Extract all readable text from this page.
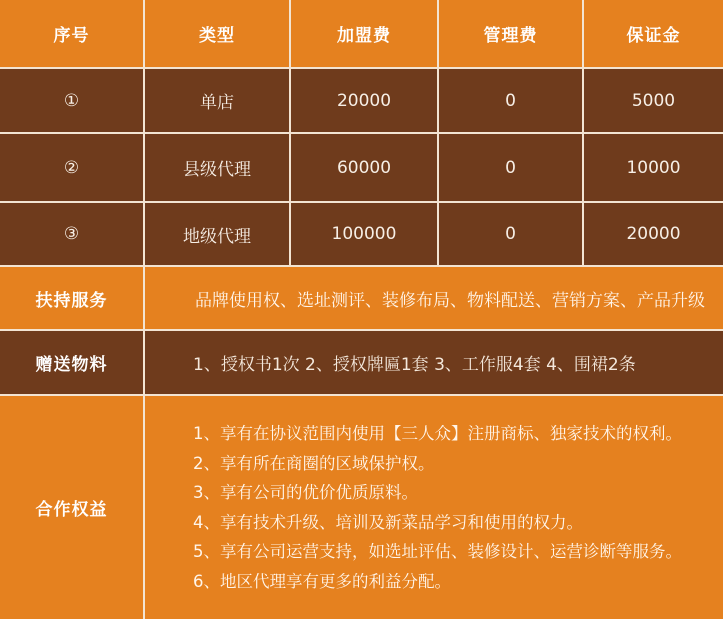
序号	类型	加盟费	管理费	保证金
①	单店	20000	0	5000
②	县级代理	60000	0	10000
③	地级代理	100000	0	20000
扶持服务	品牌使用权、选址测评、装修布局、物料配送、营销方案、产品升级
赠送物料	1、授权书1次 2、授权牌匾1套 3、工作服4套 4、围裙2条
合作权益
1、享有在协议范围内使用【三人众】注册商标、独家技术的权利。
2、享有所在商圈的区域保护权。
3、享有公司的优价优质原料。
4、享有技术升级、培训及新菜品学习和使用的权力。
5、享有公司运营支持，如选址评估、装修设计、运营诊断等服务。
6、地区代理享有更多的利益分配。
